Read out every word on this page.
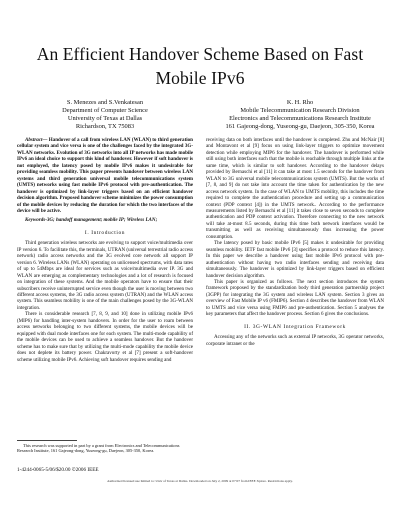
An Efficient Handover Scheme Based on Fast Mobile IPv6
S. Menezes and S.Venkatesan
Department of Computer Science
University of Texas at Dallas
Richardson, TX 75083
K. H. Rho
Mobile Telecommunication Research Division
Electronics and Telecommunications Research Institute
161 Gajeong-dong, Yuseong-gu, Daejeon, 305-350, Korea

Abstract— Handover of a call from wireless LAN (WLAN) to third generation cellular system and vice versa is one of the challenges faced by the integrated 3G-WLAN networks. Evolution of 3G networks into all IP networks has made mobile IPv6 an ideal choice to support this kind of handover. However if soft handover is not employed, the latency posed by mobile IPv6 makes it undesirable for providing seamless mobility. This paper presents handover between wireless LAN systems and third generation universal mobile telecommunications system (UMTS) networks using fast mobile IPv6 protocol with pre-authentication. The handover is optimized by link-layer triggers based on an efficient handover decision algorithm. Proposed handover scheme minimizes the power consumption of the mobile devices by reducing the duration for which the two interfaces of the device will be active.

Keywords-3G; handoff management; mobile IP; Wireless LAN;

I. Introduction

Third generation wireless networks are evolving to support voice/multimedia over IP version 6. To facilitate this, the terminals, UTRAN (universal terrestrial radio access network) radio access networks and the 3G evolved core network all support IP version 6. Wireless LANs (WLAN) operating on unlicensed spectrums, with data rates of up to 54Mbps are ideal for services such as voice/multimedia over IP. 3G and WLAN are emerging as complementary technologies and a lot of research is focused on integration of these systems. And the mobile operators have to ensure that their subscribers receive uninterrupted service even though the user is moving between two different access systems, the 3G radio access system (UTRAN) and the WLAN access system. This seamless mobility is one of the main challenges posed by the 3G-WLAN integration.

There is considerable research [7, 8, 9, and 10] done in utilizing mobile IPv6 (MIP6) for handling inter-system handovers. In order for the user to roam between access networks belonging to two different systems, the mobile devices will be equipped with dual mode interfaces one for each system. The multi-mode capability of the mobile devices can be used to achieve a seamless handover. But the handover scheme has to make sure that by utilizing the multi-mode capability the mobile device does not deplete its battery power. Chakravorty et al [7] present a soft-handover scheme utilizing mobile IPv6. Achieving soft handover requires sending and

This research was supported in part by a grant from Electronics and Telecommunications Research Institute, 161 Gajeong-dong, Yuseong-gu, Daejeon, 305-350, Korea.

1-4244-0065-5/06/$20.00 ©2006 IEEE

receiving data on both interfaces until the handover is completed. Zhu and McNair [8] and Montavont et al [9] focus on using link-layer triggers to optimize movement detection while employing MIP6 for the handover. The handover is performed while still using both interfaces such that the mobile is reachable through multiple links at the same time, which is similar to soft handover. According to the handover delays provided by Bernaschi et al [11] it can take at most 1.5 seconds for the handover from WLAN to 3G universal mobile telecommunications system (UMTS). But the works of [7, 8, and 9] do not take into account the time taken for authentication by the new access network system. In the case of WLAN to UMTS mobility, this includes the time required to complete the authentication procedure and setting up a communication context (PDP context [4]) in the UMTS network.. According to the performance measurements listed by Bernaschi et al [11] it takes close to seven seconds to complete authentication and PDP context activation. Therefore connecting to the new network will take at-most 8.5 seconds, during this time both network interfaces would be transmitting as well as receiving simultaneously thus increasing the power consumption.

The latency posed by basic mobile IPv6 [5] makes it undesirable for providing seamless mobility. IETF fast mobile IPv6 [3] specifies a protocol to reduce this latency. In this paper we describe a handover using fast mobile IPv6 protocol with pre-authentication without having two radio interfaces sending and receiving data simultaneously. The handover is optimized by link-layer triggers based on efficient handover decision algorithm.

This paper is organized as follows. The next section introduces the system framework proposed by the standardization body third generation partnership project (3GPP) for integrating the 3G system and wireless LAN system. Section 3 gives an overview of Fast Mobile IP v6 (FMIP6). Section 4 describes the handover from WLAN to UMTS and vice versa using FMIP6 and pre-authentication. Section 5 analyses the key parameters that affect the handover process. Section 6 gives the conclusions.

II. 3G-WLAN Integration Framework

Accessing any of the networks such as external IP networks, 3G operator networks, corporate intranet or the

Authorized licensed use limited to: Univ of Texas at Dallas. Downloaded on July 2, 2009 at 07:07 from IEEE Xplore. Restrictions apply.
